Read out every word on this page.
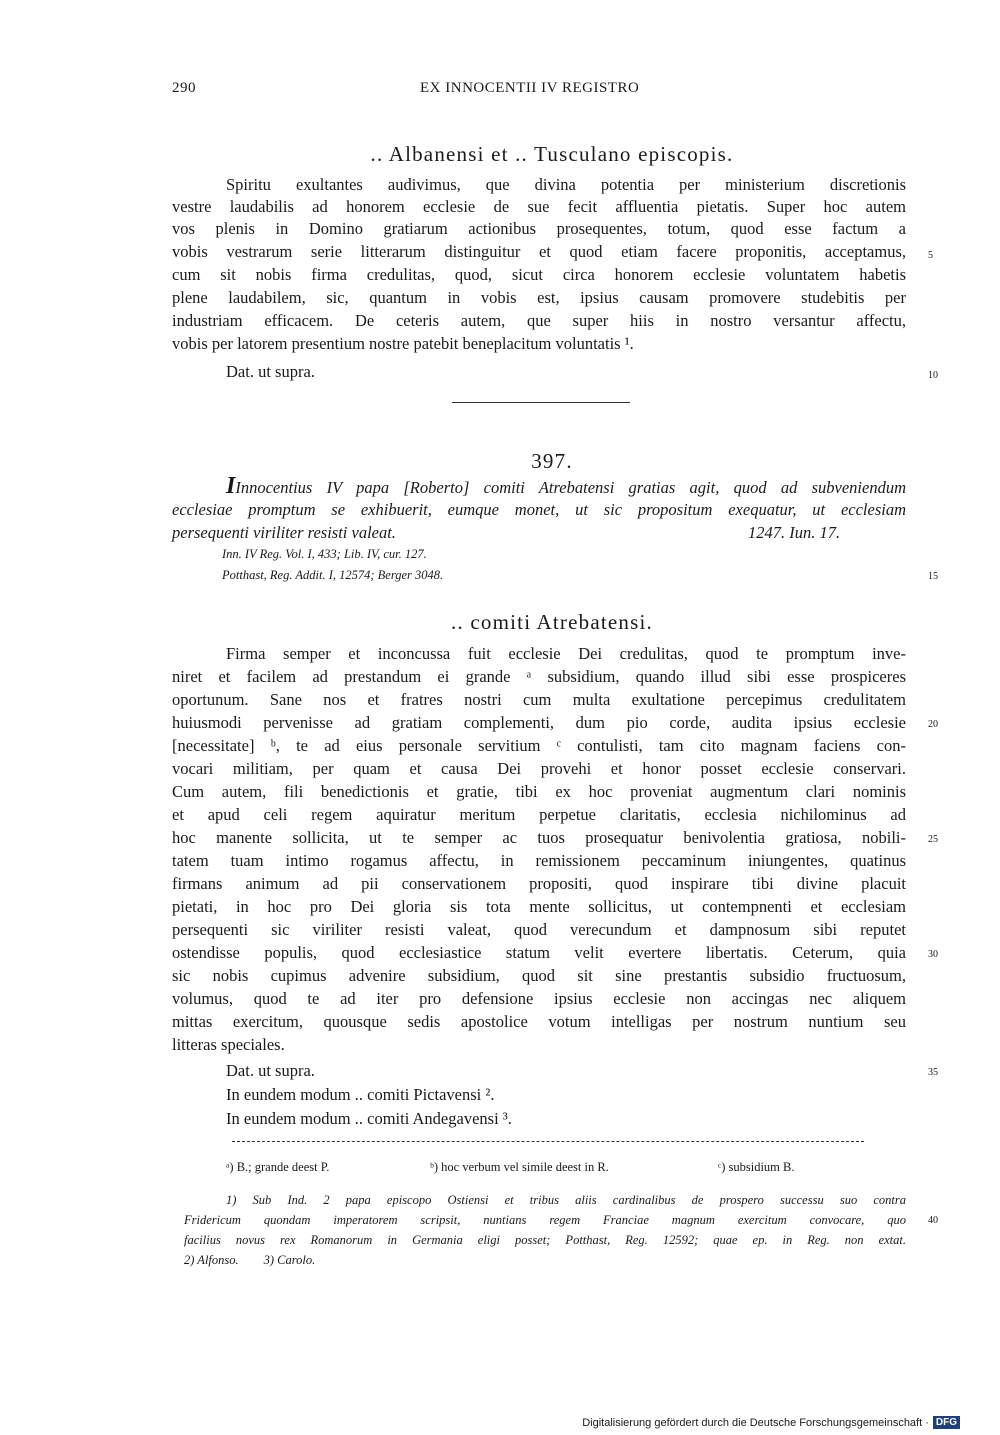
290	EX INNOCENTII IV REGISTRO
.. Albanensi et .. Tusculano episcopis.
Spiritu exultantes audivimus, que divina potentia per ministerium discretionis
vestre laudabilis ad honorem ecclesie de sue fecit affluentia pietatis. Super hoc autem
vos plenis in Domino gratiarum actionibus prosequentes, totum, quod esse factum a
vobis vestrarum serie litterarum distinguitur et quod etiam facere proponitis, acceptamus,
cum sit nobis firma credulitas, quod, sicut circa honorem ecclesie voluntatem habetis
plene laudabilem, sic, quantum in vobis est, ipsius causam promovere studebitis per
industriam efficacem. De ceteris autem, que super hiis in nostro versantur affectu,
vobis per latorem presentium nostre patebit beneplacitum voluntatis ¹.
Dat. ut supra.
397.
IInnocentius IV papa [Roberto] comiti Atrebatensi gratias agit, quod ad subveniendum
ecclesiae promptum se exhibuerit, eumque monet, ut sic propositum exequatur, ut ecclesiam
persequenti viriliter resisti valeat.	1247. Iun. 17.
Inn. IV Reg. Vol. I, 433; Lib. IV, cur. 127.
Potthast, Reg. Addit. I, 12574; Berger 3048.
.. comiti Atrebatensi.
Firma semper et inconcussa fuit ecclesie Dei credulitas, quod te promptum inve-
niret et facilem ad prestandum ei grande ᵃ subsidium, quando illud sibi esse prospiceres
oportunum. Sane nos et fratres nostri cum multa exultatione percepimus credulitatem
huiusmodi pervenisse ad gratiam complementi, dum pio corde, audita ipsius ecclesie
[necessitate] ᵇ, te ad eius personale servitium ᶜ contulisti, tam cito magnam faciens con-
vocari militiam, per quam et causa Dei provehi et honor posset ecclesie conservari.
Cum autem, fili benedictionis et gratie, tibi ex hoc proveniat augmentum clari nominis
et apud celi regem aquiratur meritum perpetue claritatis, ecclesia nichilominus ad
hoc manente sollicita, ut te semper ac tuos prosequatur benivolentia gratiosa, nobili-
tatem tuam intimo rogamus affectu, in remissionem peccaminum iniungentes, quatinus
firmans animum ad pii conservationem propositi, quod inspirare tibi divine placuit
pietati, in hoc pro Dei gloria sis tota mente sollicitus, ut contempnenti et ecclesiam
persequenti sic viriliter resisti valeat, quod verecundum et dampnosum sibi reputet
ostendisse populis, quod ecclesiastice statum velit evertere libertatis. Ceterum, quia
sic nobis cupimus advenire subsidium, quod sit sine prestantis subsidio fructuosum,
volumus, quod te ad iter pro defensione ipsius ecclesie non accingas nec aliquem
mittas exercitum, quousque sedis apostolice votum intelligas per nostrum nuntium seu
litteras speciales.
Dat. ut supra.
In eundem modum .. comiti Pictavensi ².
In eundem modum .. comiti Andegavensi ³.
ᵃ) B.; grande deest P.	ᵇ) hoc verbum vel simile deest in R.	ᶜ) subsidium B.
1) Sub Ind. 2 papa episcopo Ostiensi et tribus aliis cardinalibus de prospero successu suo contra
Fridericum quondam imperatorem scripsit, nuntians regem Franciae magnum exercitum convocare, quo
facilius novus rex Romanorum in Germania eligi posset; Potthast, Reg. 12592; quae ep. in Reg. non extat.
2) Alfonso.        3) Carolo.
5
10
15
20
25
30
35
40
Digitalisierung gefördert durch die Deutsche Forschungsgemeinschaft · DFG
